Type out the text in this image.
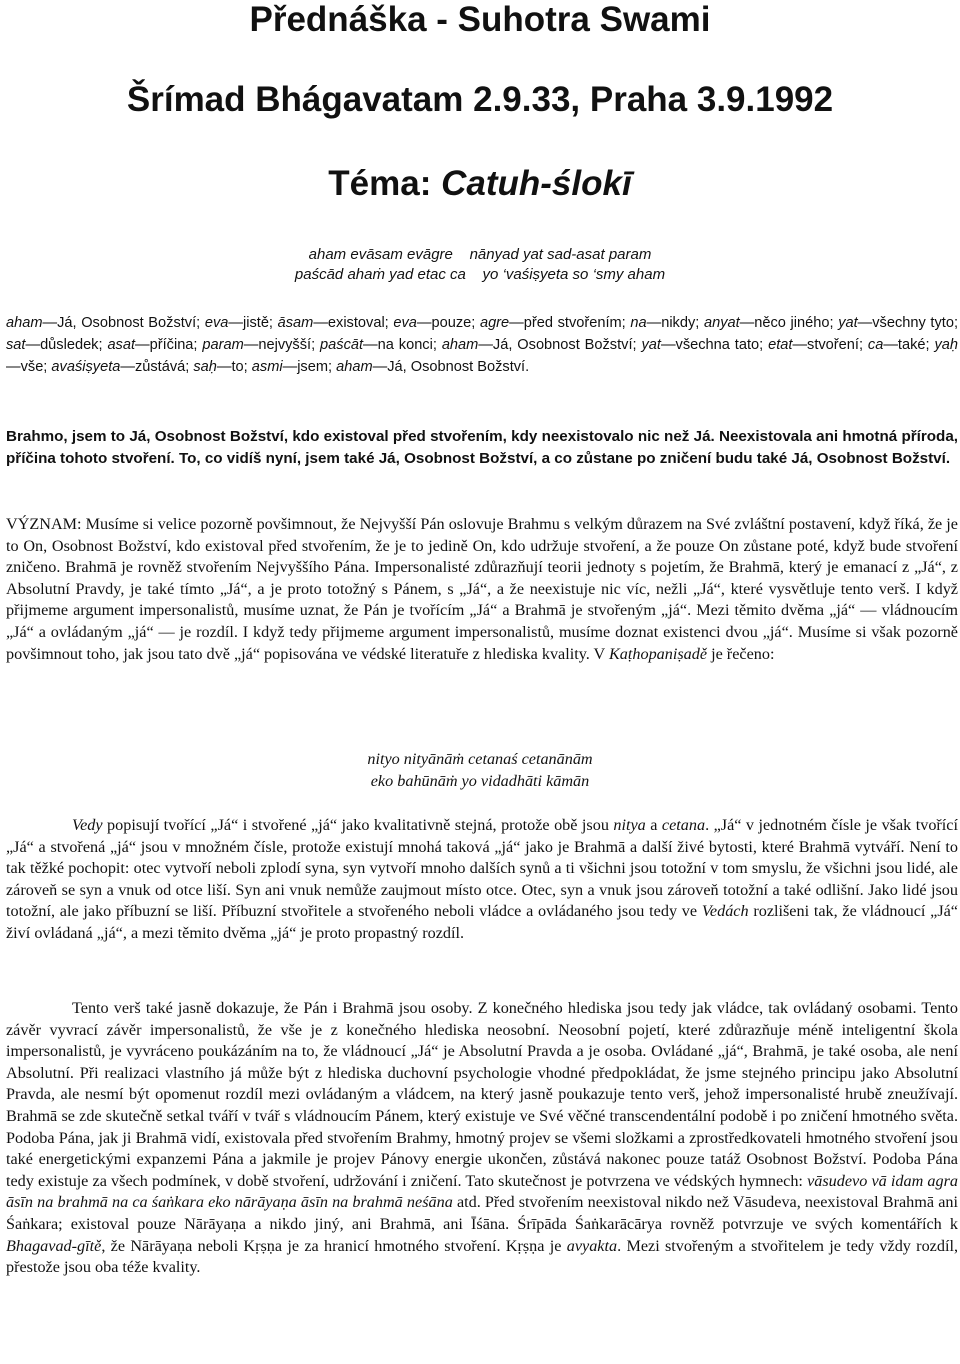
Přednáška - Suhotra Swami
Šrímad Bhágavatam 2.9.33, Praha 3.9.1992
Téma: Catuh-ślokī
aham evāsam evāgre    nānyad yat sad-asat param
paścād ahaṁ yad etac ca    yo ‘vaśiṣyeta so ‘smy aham
aham—Já, Osobnost Božství; eva—jistě; āsam—existoval; eva—pouze; agre—před stvořením; na—nikdy; anyat—něco jiného; yat—všechny tyto; sat—důsledek; asat—příčina; param—nejvyšší; paścāt—na konci; aham—Já, Osobnost Božství; yat—všechna tato; etat—stvoření; ca—také; yaḥ—vše; avaśiṣyeta—zůstává; saḥ—to; asmi—jsem; aham—Já, Osobnost Božství.

Brahmo, jsem to Já, Osobnost Božství, kdo existoval před stvořením, kdy neexistovalo nic než Já. Neexistovala ani hmotná příroda, příčina tohoto stvoření. To, co vidíš nyní, jsem také Já, Osobnost Božství, a co zůstane po zničení budu také Já, Osobnost Božství.

VÝZNAM: Musíme si velice pozorně povšimnout, že Nejvyšší Pán oslovuje Brahmu s velkým důrazem na Své zvláštní postavení, když říká, že je to On, Osobnost Božství, kdo existoval před stvořením, že je to jedině On, kdo udržuje stvoření, a že pouze On zůstane poté, když bude stvoření zničeno. Brahmā je rovněž stvořením Nejvyššího Pána. Impersonalisté zdůrazňují teorii jednoty s pojetím, že Brahmā, který je emanací z „Já“, z Absolutní Pravdy, je také tímto „Já“, a je proto totožný s Pánem, s „Já“, a že neexistuje nic víc, nežli „Já“, které vysvětluje tento verš. I když přijmeme argument impersonalistů, musíme uznat, že Pán je tvořícím „Já“ a Brahmā je stvořeným „já“. Mezi těmito dvěma „já“ — vládnoucím „Já“ a ovládaným „já“ — je rozdíl. I když tedy přijmeme argument impersonalistů, musíme doznat existenci dvou „já“. Musíme si však pozorně povšimnout toho, jak jsou tato dvě „já“ popisována ve védské literatuře z hlediska kvality. V Kaṭhopaniṣadě je řečeno:

nityo nityānāṁ cetanaś cetanānām
eko bahūnāṁ yo vidadhāti kāmān

Vedy popisují tvořící „Já“ i stvořené „já“ jako kvalitativně stejná, protože obě jsou nitya a cetana. „Já“ v jednotném čísle je však tvořící „Já“ a stvořená „já“ jsou v množném čísle, protože existují mnohá taková „já“ jako je Brahmā a další živé bytosti, které Brahmā vytváří. Není to tak těžké pochopit: otec vytvoří neboli zplodí syna, syn vytvoří mnoho dalších synů a ti všichni jsou totožní v tom smyslu, že všichni jsou lidé, ale zároveň se syn a vnuk od otce liší. Syn ani vnuk nemůže zaujmout místo otce. Otec, syn a vnuk jsou zároveň totožní a také odlišní. Jako lidé jsou totožní, ale jako příbuzní se liší. Příbuzní stvořitele a stvořeného neboli vládce a ovládaného jsou tedy ve Vedách rozlišeni tak, že vládnoucí „Já“ živí ovládaná „já“, a mezi těmito dvěma „já“ je proto propastný rozdíl.

Tento verš také jasně dokazuje, že Pán i Brahmā jsou osoby. Z konečného hlediska jsou tedy jak vládce, tak ovládaný osobami. Tento závěr vyvrací závěr impersonalistů, že vše je z konečného hlediska neosobní. Neosobní pojetí, které zdůrazňuje méně inteligentní škola impersonalistů, je vyvráceno poukázáním na to, že vládnoucí „Já“ je Absolutní Pravda a je osoba. Ovládané „já“, Brahmā, je také osoba, ale není Absolutní. Při realizaci vlastního já může být z hlediska duchovní psychologie vhodné předpokládat, že jsme stejného principu jako Absolutní Pravda, ale nesmí být opomenut rozdíl mezi ovládaným a vládcem, na který jasně poukazuje tento verš, jehož impersonalisté hrubě zneužívají. Brahmā se zde skutečně setkal tváří v tvář s vládnoucím Pánem, který existuje ve Své věčné transcendentální podobě i po zničení hmotného světa. Podoba Pána, jak ji Brahmā vidí, existovala před stvořením Brahmy, hmotný projev se všemi složkami a zprostředkovateli hmotného stvoření jsou také energetickými expanzemi Pána a jakmile je projev Pánovy energie ukončen, zůstává nakonec pouze tatáž Osobnost Božství. Podoba Pána tedy existuje za všech podmínek, v době stvoření, udržování i zničení. Tato skutečnost je potvrzena ve védských hymnech: vāsudevo vā idam agra āsīn na brahmā na ca śaṅkara eko nārāyaṇa āsīn na brahmā neśāna atd. Před stvořením neexistoval nikdo než Vāsudeva, neexistoval Brahmā ani Śaṅkara; existoval pouze Nārāyaṇa a nikdo jiný, ani Brahmā, ani Īśāna. Śrīpāda Śaṅkarācārya rovněž potvrzuje ve svých komentářích k Bhagavad-gītě, že Nārāyaṇa neboli Kṛṣṇa je za hranicí hmotného stvoření. Kṛṣṇa je avyakta. Mezi stvořeným a stvořitelem je tedy vždy rozdíl, přestože jsou oba téže kvality.
